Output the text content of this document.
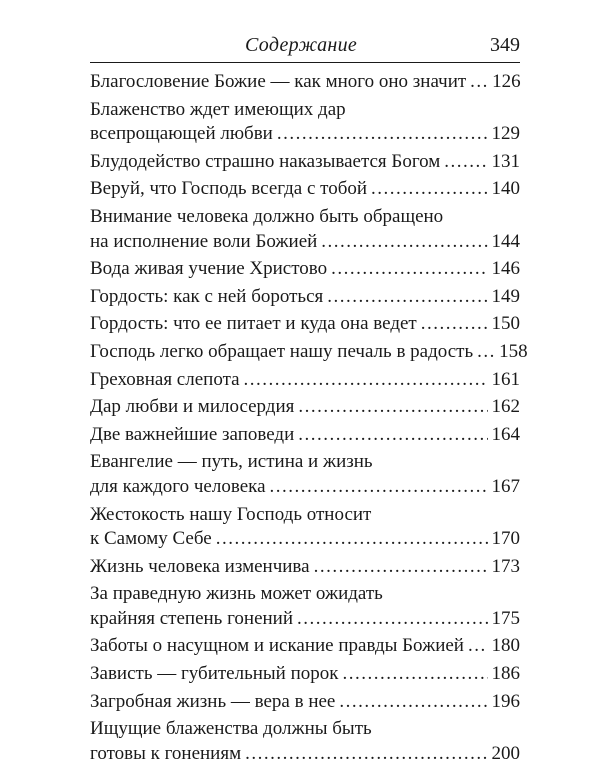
Содержание	349
Благословение Божие — как много оно значит ..... 126
Блаженство ждет имеющих дар
всепрощающей любви .....	129
Блудодейство страшно наказывается Богом .....	131
Веруй, что Господь всегда с тобой .....	140
Внимание человека должно быть обращено
на исполнение воли Божией .....	144
Вода живая учение Христово .....	146
Гордость: как с ней бороться .....	149
Гордость: что ее питает и куда она ведет .....	150
Господь легко обращает нашу печаль в радость ..... 158
Греховная слепота .....	161
Дар любви и милосердия .....	162
Две важнейшие заповеди .....	164
Евангелие — путь, истина и жизнь
для каждого человека .....	167
Жестокость нашу Господь относит
к Самому Себе .....	170
Жизнь человека изменчива .....	173
За праведную жизнь может ожидать
крайняя степень гонений .....	175
Заботы о насущном и искание правды Божией ..... 180
Зависть — губительный порок .....	186
Загробная жизнь — вера в нее .....	196
Ищущие блаженства должны быть
готовы к гонениям .....	200
